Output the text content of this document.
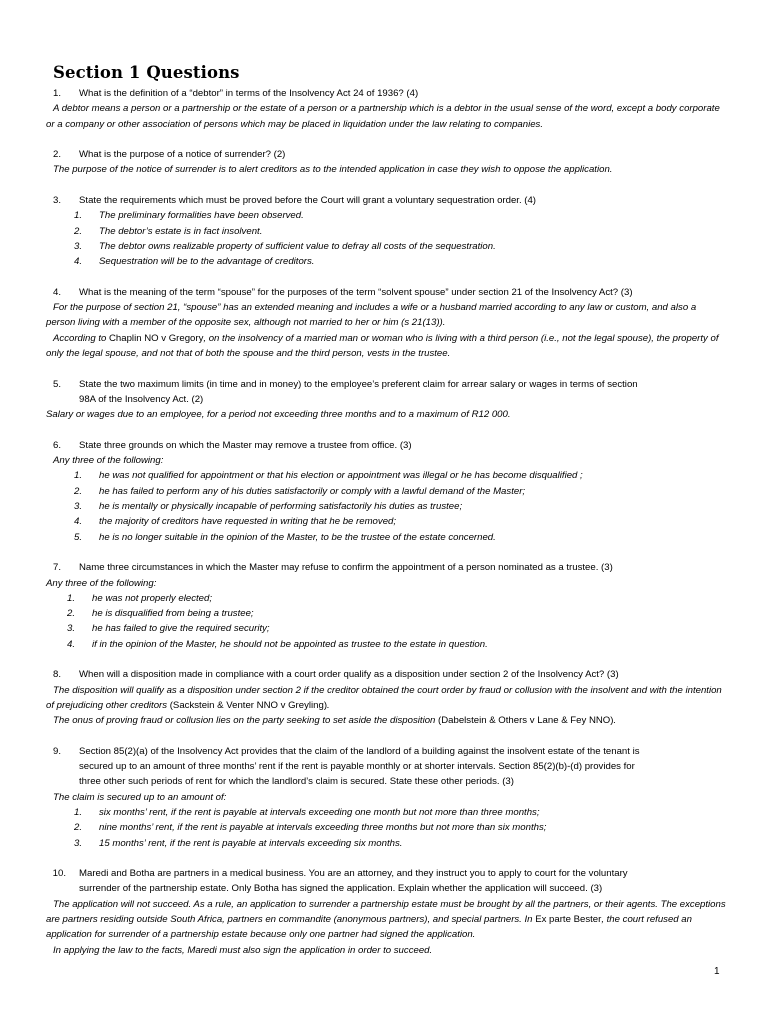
Section 1 Questions
1.	What is the definition of a “debtor” in terms of the Insolvency Act 24 of 1936? (4)
A debtor means a person or a partnership or the estate of a person or a partnership which is a debtor in the usual sense of the word, except a body corporate or a company or other association of persons which may be placed in liquidation under the law relating to companies.
2.	What is the purpose of a notice of surrender? (2)
The purpose of the notice of surrender is to alert creditors as to the intended application in case they wish to oppose the application.
3.	State the requirements which must be proved before the Court will grant a voluntary sequestration order. (4)
1.	The preliminary formalities have been observed.
2.	The debtor’s estate is in fact insolvent.
3.	The debtor owns realizable property of sufficient value to defray all costs of the sequestration.
4.	Sequestration will be to the advantage of creditors.
4.	What is the meaning of the term “spouse” for the purposes of the term “solvent spouse” under section 21 of the Insolvency Act? (3)
For the purpose of section 21, “spouse” has an extended meaning and includes a wife or a husband married according to any law or custom, and also a person living with a member of the opposite sex, although not married to her or him (s 21(13)).
According to Chaplin NO v Gregory, on the insolvency of a married man or woman who is living with a third person (i.e., not the legal spouse), the property of only the legal spouse, and not that of both the spouse and the third person, vests in the trustee.
5.	State the two maximum limits (in time and in money) to the employee’s preferent claim for arrear salary or wages in terms of section
98A of the Insolvency Act. (2)
Salary or wages due to an employee, for a period not exceeding three months and to a maximum of R12 000.
6.	State three grounds on which the Master may remove a trustee from office. (3)
Any three of the following:
1.	he was not qualified for appointment or that his election or appointment was illegal or he has become disqualified ;
2.	he has failed to perform any of his duties satisfactorily or comply with a lawful demand of the Master;
3.	he is mentally or physically incapable of performing satisfactorily his duties as trustee;
4.	the majority of creditors have requested in writing that he be removed;
5.	he is no longer suitable in the opinion of the Master, to be the trustee of the estate concerned.
7.	Name three circumstances in which the Master may refuse to confirm the appointment of a person nominated as a trustee. (3)
Any three of the following:
1.	he was not properly elected;
2.	he is disqualified from being a trustee;
3.	he has failed to give the required security;
4.	if in the opinion of the Master, he should not be appointed as trustee to the estate in question.
8.	When will a disposition made in compliance with a court order qualify as a disposition under section 2 of the Insolvency Act? (3)
The disposition will qualify as a disposition under section 2 if the creditor obtained the court order by fraud or collusion with the insolvent and with the intention of prejudicing other creditors (Sackstein & Venter NNO v Greyling).
The onus of proving fraud or collusion lies on the party seeking to set aside the disposition (Dabelstein & Others v Lane & Fey NNO).
9.	Section 85(2)(a) of the Insolvency Act provides that the claim of the landlord of a building against the insolvent estate of the tenant is
secured up to an amount of three months’ rent if the rent is payable monthly or at shorter intervals. Section 85(2)(b)-(d) provides for
three other such periods of rent for which the landlord’s claim is secured. State these other periods. (3)
The claim is secured up to an amount of:
1.	six months’ rent, if the rent is payable at intervals exceeding one month but not more than three months;
2.	nine months’ rent, if the rent is payable at intervals exceeding three months but not more than six months;
3.	15 months’ rent, if the rent is payable at intervals exceeding six months.
10.	Maredi and Botha are partners in a medical business. You are an attorney, and they instruct you to apply to court for the voluntary
surrender of the partnership estate. Only Botha has signed the application. Explain whether the application will succeed. (3)
The application will not succeed. As a rule, an application to surrender a partnership estate must be brought by all the partners, or their agents. The exceptions are partners residing outside South Africa, partners en commandite (anonymous partners), and special partners. In Ex parte Bester, the court refused an application for surrender of a partnership estate because only one partner had signed the application.
In applying the law to the facts, Maredi must also sign the application in order to succeed.
1
